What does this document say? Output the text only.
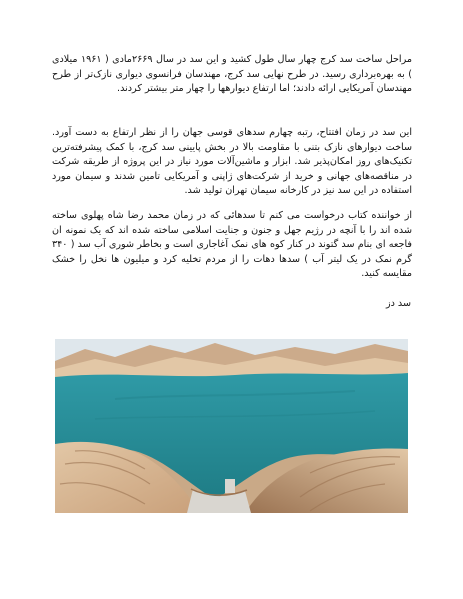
مراحل ساخت سد کرج چهار سال طول کشید و این سد در سال ۲۶۶۹مادی ( ۱۹۶۱ میلادی ) به بهره‌برداری رسید. در طرح نهایی سد کرج، مهندسان فرانسوی دیواری نازک‌تر از طرح مهندسان آمریکایی ارائه دادند؛ اما ارتفاع دیوارهها را چهار متر بیشتر کردند.
این سد در زمان افتتاح، رتبه چهارم سدهای قوسی جهان را از نظر ارتفاع به دست آورد. ساخت دیوارهای نازک بتنی با مقاومت بالا در بخش پایینی سد کرج، با کمک پیشرفته‌ترین تکنیک‌های روز امکان‌پذیر شد. ابزار و ماشین‌آلات مورد نیاز در این پروژه از طریقه شرکت در مناقصه‌های جهانی و خرید از شرکت‌های ژاپنی و آمریکایی تامین شدند و سیمان مورد استفاده در این سد نیز در کارخانه سیمان تهران تولید شد.
از خواننده کتاب درخواست می کنم تا سدهائی که در زمان محمد رضا شاه پهلوی ساخته شده اند را با آنچه در رژیم جهل و جنون و جنایت اسلامی ساخته شده اند که یک نمونه ان فاجعه ای بنام سد گتوند در کنار کوه های نمک آغاجاری است و بخاطر شوری آب سد ( ۳۴۰ گرم نمک در یک لیتر آب ) سدها دهات را از مردم تخلیه کرد و میلیون ها نخل را خشک مقایسه کنید.
سد دز
